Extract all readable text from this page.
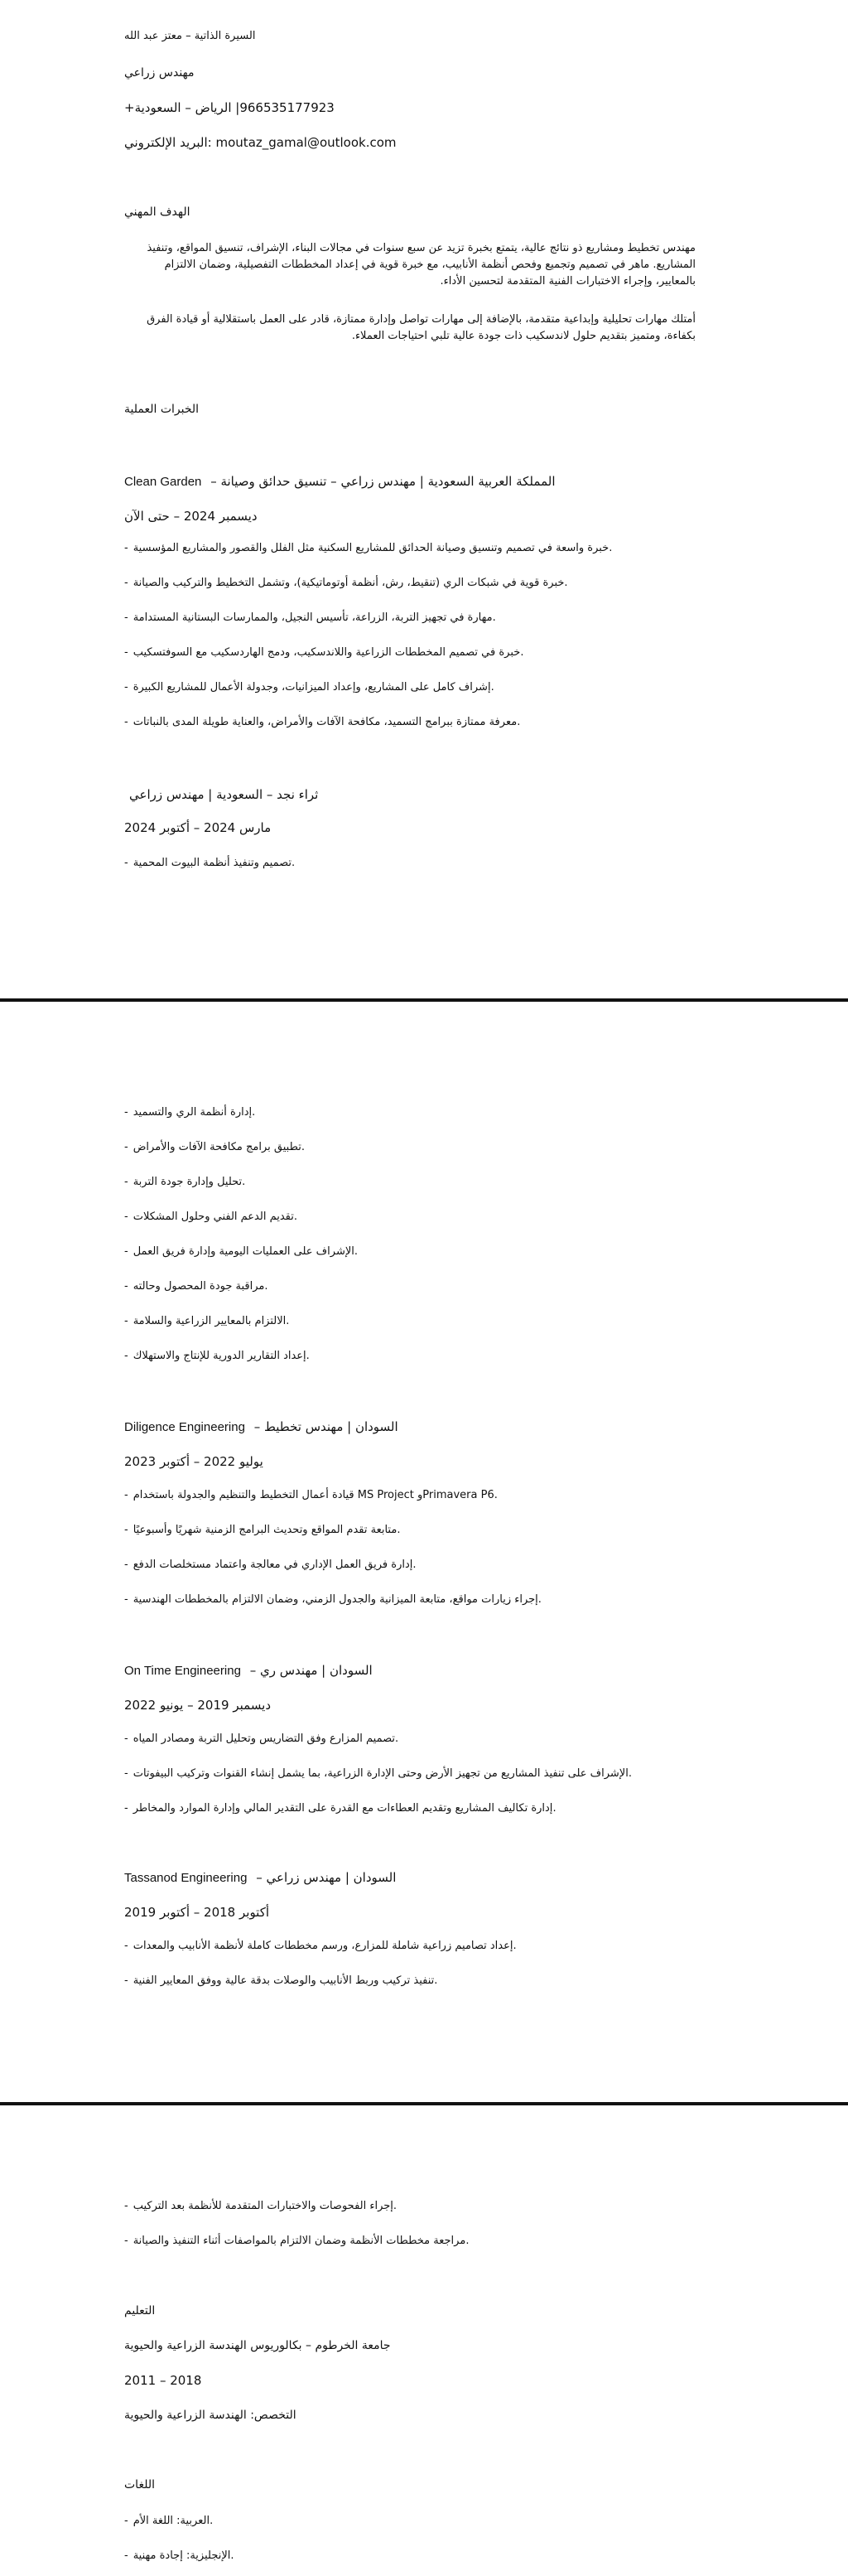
السيرة الذاتية – معتز عبد الله
مهندس زراعي
966535177923| الرياض – السعودية+
البريد الإلكتروني: moutaz_gamal@outlook.com
الهدف المهني
مهندس تخطيط ومشاريع ذو نتائج عالية، يتمتع بخبرة تزيد عن سبع سنوات في مجالات البناء، الإشراف، تنسيق المواقع، وتنفيذ المشاريع. ماهر في تصميم وتجميع وفحص أنظمة الأنابيب، مع خبرة قوية في إعداد المخططات التفصيلية، وضمان الالتزام بالمعايير، وإجراء الاختبارات الفنية المتقدمة لتحسين الأداء.
أمتلك مهارات تحليلية وإبداعية متقدمة، بالإضافة إلى مهارات تواصل وإدارة ممتازة، قادر على العمل باستقلالية أو قيادة الفرق بكفاءة، ومتميز بتقديم حلول لاندسكيب ذات جودة عالية تلبي احتياجات العملاء.
الخبرات العملية
Clean Garden – المملكة العربية السعودية | مهندس زراعي – تنسيق حدائق وصيانة
ديسمبر 2024 – حتى الآن
- خبرة واسعة في تصميم وتنسيق وصيانة الحدائق للمشاريع السكنية مثل الفلل والقصور والمشاريع المؤسسية.
- خبرة قوية في شبكات الري (تنقيط، رش، أنظمة أوتوماتيكية)، وتشمل التخطيط والتركيب والصيانة.
- مهارة في تجهيز التربة، الزراعة، تأسيس النجيل، والممارسات البستانية المستدامة.
- خبرة في تصميم المخططات الزراعية واللاندسكيب، ودمج الهاردسكيب مع السوفتسكيب.
- إشراف كامل على المشاريع، وإعداد الميزانيات، وجدولة الأعمال للمشاريع الكبيرة.
- معرفة ممتازة ببرامج التسميد، مكافحة الآفات والأمراض، والعناية طويلة المدى بالنباتات.
ثراء نجد – السعودية | مهندس زراعي
مارس 2024 – أكتوبر 2024
- تصميم وتنفيذ أنظمة البيوت المحمية.
- إدارة أنظمة الري والتسميد.
- تطبيق برامج مكافحة الآفات والأمراض.
- تحليل وإدارة جودة التربة.
- تقديم الدعم الفني وحلول المشكلات.
- الإشراف على العمليات اليومية وإدارة فريق العمل.
- مراقبة جودة المحصول وحالته.
- الالتزام بالمعايير الزراعية والسلامة.
- إعداد التقارير الدورية للإنتاج والاستهلاك.
Diligence Engineering – السودان | مهندس تخطيط
يوليو 2022 – أكتوبر 2023
- قيادة أعمال التخطيط والتنظيم والجدولة باستخدام MS Project وPrimavera P6.
- متابعة تقدم المواقع وتحديث البرامج الزمنية شهريًا وأسبوعيًا.
- إدارة فريق العمل الإداري في معالجة واعتماد مستخلصات الدفع.
- إجراء زيارات مواقع، متابعة الميزانية والجدول الزمني، وضمان الالتزام بالمخططات الهندسية.
On Time Engineering – السودان | مهندس ري
ديسمبر 2019 – يونيو 2022
- تصميم المزارع وفق التضاريس وتحليل التربة ومصادر المياه.
- الإشراف على تنفيذ المشاريع من تجهيز الأرض وحتى الإدارة الزراعية، بما يشمل إنشاء القنوات وتركيب البيفوتات.
- إدارة تكاليف المشاريع وتقديم العطاءات مع القدرة على التقدير المالي وإدارة الموارد والمخاطر.
Tassanod Engineering – السودان | مهندس زراعي
أكتوبر 2018 – أكتوبر 2019
- إعداد تصاميم زراعية شاملة للمزارع، ورسم مخططات كاملة لأنظمة الأنابيب والمعدات.
- تنفيذ تركيب وربط الأنابيب والوصلات بدقة عالية ووفق المعايير الفنية.
- إجراء الفحوصات والاختبارات المتقدمة للأنظمة بعد التركيب.
- مراجعة مخططات الأنظمة وضمان الالتزام بالمواصفات أثناء التنفيذ والصيانة.
التعليم
جامعة الخرطوم – بكالوريوس الهندسة الزراعية والحيوية
2011 – 2018
التخصص: الهندسة الزراعية والحيوية
اللغات
- العربية: اللغة الأم.
- الإنجليزية: إجادة مهنية.
